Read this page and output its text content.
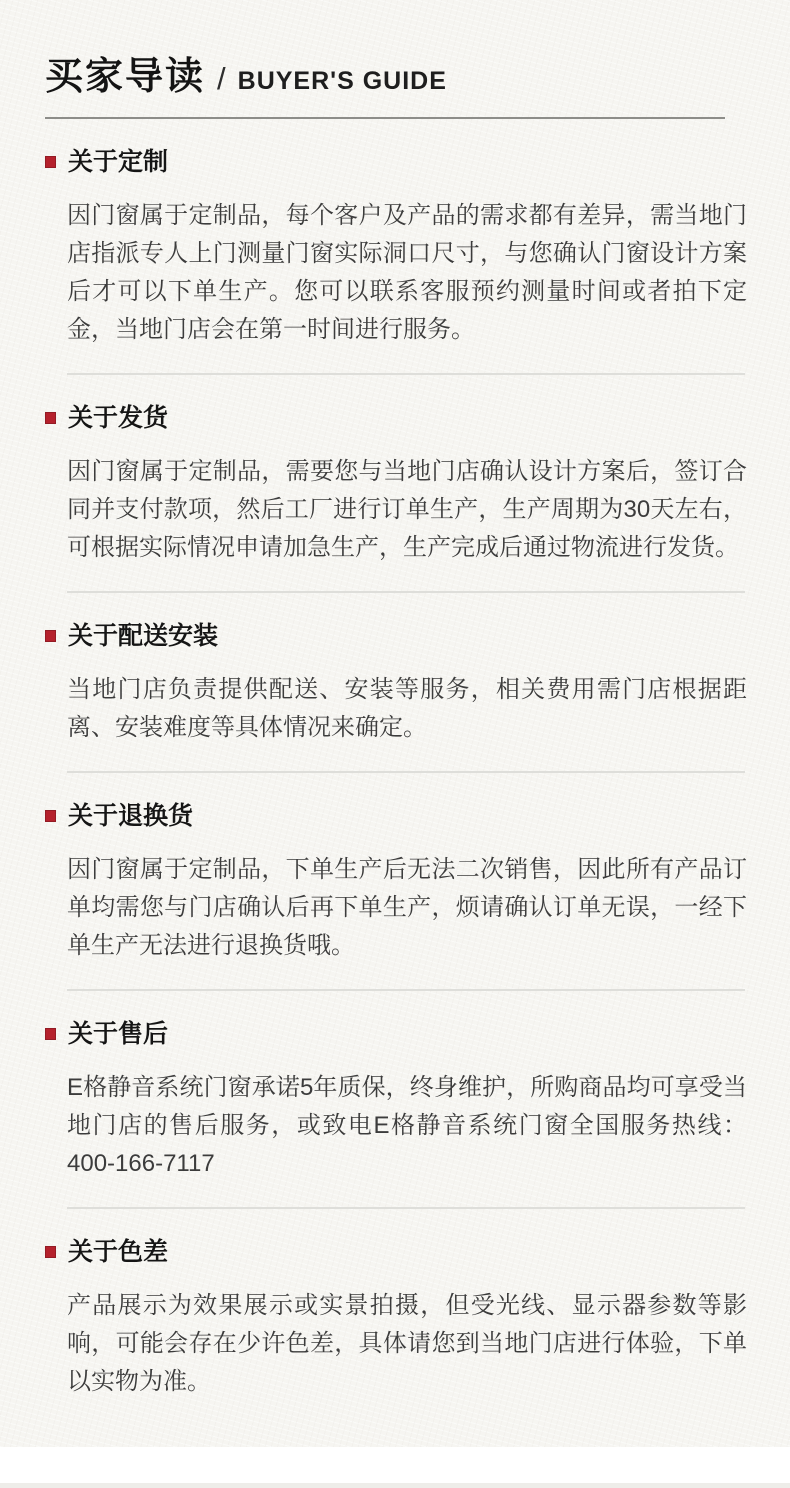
买家导读 / BUYER'S GUIDE
关于定制
因门窗属于定制品，每个客户及产品的需求都有差异，需当地门店指派专人上门测量门窗实际洞口尺寸，与您确认门窗设计方案后才可以下单生产。您可以联系客服预约测量时间或者拍下定金，当地门店会在第一时间进行服务。
关于发货
因门窗属于定制品，需要您与当地门店确认设计方案后，签订合同并支付款项，然后工厂进行订单生产，生产周期为30天左右，可根据实际情况申请加急生产，生产完成后通过物流进行发货。
关于配送安装
当地门店负责提供配送、安装等服务，相关费用需门店根据距离、安装难度等具体情况来确定。
关于退换货
因门窗属于定制品，下单生产后无法二次销售，因此所有产品订单均需您与门店确认后再下单生产，烦请确认订单无误，一经下单生产无法进行退换货哦。
关于售后
E格静音系统门窗承诺5年质保，终身维护，所购商品均可享受当地门店的售后服务，或致电E格静音系统门窗全国服务热线：400-166-7117
关于色差
产品展示为效果展示或实景拍摄，但受光线、显示器参数等影响，可能会存在少许色差，具体请您到当地门店进行体验，下单以实物为准。
